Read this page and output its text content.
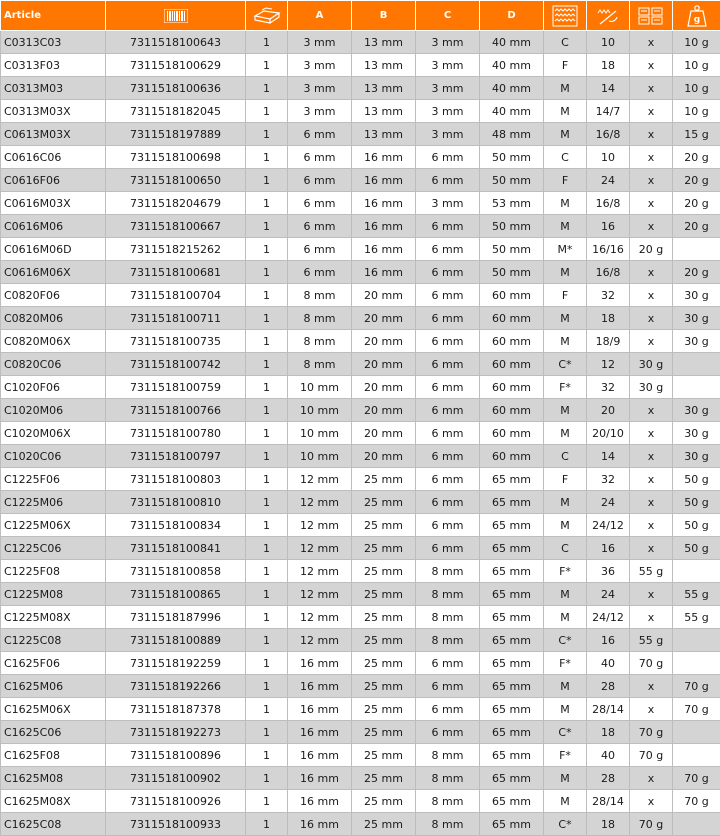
Article			A	B	C	D				g

C0313C03	7311518100643	1	3 mm	13 mm	3 mm	40 mm	C	10	x	10 g
C0313F03	7311518100629	1	3 mm	13 mm	3 mm	40 mm	F	18	x	10 g
C0313M03	7311518100636	1	3 mm	13 mm	3 mm	40 mm	M	14	x	10 g
C0313M03X	7311518182045	1	3 mm	13 mm	3 mm	40 mm	M	14/7	x	10 g
C0613M03X	7311518197889	1	6 mm	13 mm	3 mm	48 mm	M	16/8	x	15 g
C0616C06	7311518100698	1	6 mm	16 mm	6 mm	50 mm	C	10	x	20 g
C0616F06	7311518100650	1	6 mm	16 mm	6 mm	50 mm	F	24	x	20 g
C0616M03X	7311518204679	1	6 mm	16 mm	3 mm	53 mm	M	16/8	x	20 g
C0616M06	7311518100667	1	6 mm	16 mm	6 mm	50 mm	M	16	x	20 g
C0616M06D	7311518215262	1	6 mm	16 mm	6 mm	50 mm	M*	16/16	20 g	
C0616M06X	7311518100681	1	6 mm	16 mm	6 mm	50 mm	M	16/8	x	20 g
C0820F06	7311518100704	1	8 mm	20 mm	6 mm	60 mm	F	32	x	30 g
C0820M06	7311518100711	1	8 mm	20 mm	6 mm	60 mm	M	18	x	30 g
C0820M06X	7311518100735	1	8 mm	20 mm	6 mm	60 mm	M	18/9	x	30 g
C0820C06	7311518100742	1	8 mm	20 mm	6 mm	60 mm	C*	12	30 g	
C1020F06	7311518100759	1	10 mm	20 mm	6 mm	60 mm	F*	32	30 g	
C1020M06	7311518100766	1	10 mm	20 mm	6 mm	60 mm	M	20	x	30 g
C1020M06X	7311518100780	1	10 mm	20 mm	6 mm	60 mm	M	20/10	x	30 g
C1020C06	7311518100797	1	10 mm	20 mm	6 mm	60 mm	C	14	x	30 g
C1225F06	7311518100803	1	12 mm	25 mm	6 mm	65 mm	F	32	x	50 g
C1225M06	7311518100810	1	12 mm	25 mm	6 mm	65 mm	M	24	x	50 g
C1225M06X	7311518100834	1	12 mm	25 mm	6 mm	65 mm	M	24/12	x	50 g
C1225C06	7311518100841	1	12 mm	25 mm	6 mm	65 mm	C	16	x	50 g
C1225F08	7311518100858	1	12 mm	25 mm	8 mm	65 mm	F*	36	55 g	
C1225M08	7311518100865	1	12 mm	25 mm	8 mm	65 mm	M	24	x	55 g
C1225M08X	7311518187996	1	12 mm	25 mm	8 mm	65 mm	M	24/12	x	55 g
C1225C08	7311518100889	1	12 mm	25 mm	8 mm	65 mm	C*	16	55 g	
C1625F06	7311518192259	1	16 mm	25 mm	6 mm	65 mm	F*	40	70 g	
C1625M06	7311518192266	1	16 mm	25 mm	6 mm	65 mm	M	28	x	70 g
C1625M06X	7311518187378	1	16 mm	25 mm	6 mm	65 mm	M	28/14	x	70 g
C1625C06	7311518192273	1	16 mm	25 mm	6 mm	65 mm	C*	18	70 g	
C1625F08	7311518100896	1	16 mm	25 mm	8 mm	65 mm	F*	40	70 g	
C1625M08	7311518100902	1	16 mm	25 mm	8 mm	65 mm	M	28	x	70 g
C1625M08X	7311518100926	1	16 mm	25 mm	8 mm	65 mm	M	28/14	x	70 g
C1625C08	7311518100933	1	16 mm	25 mm	8 mm	65 mm	C*	18	70 g	
